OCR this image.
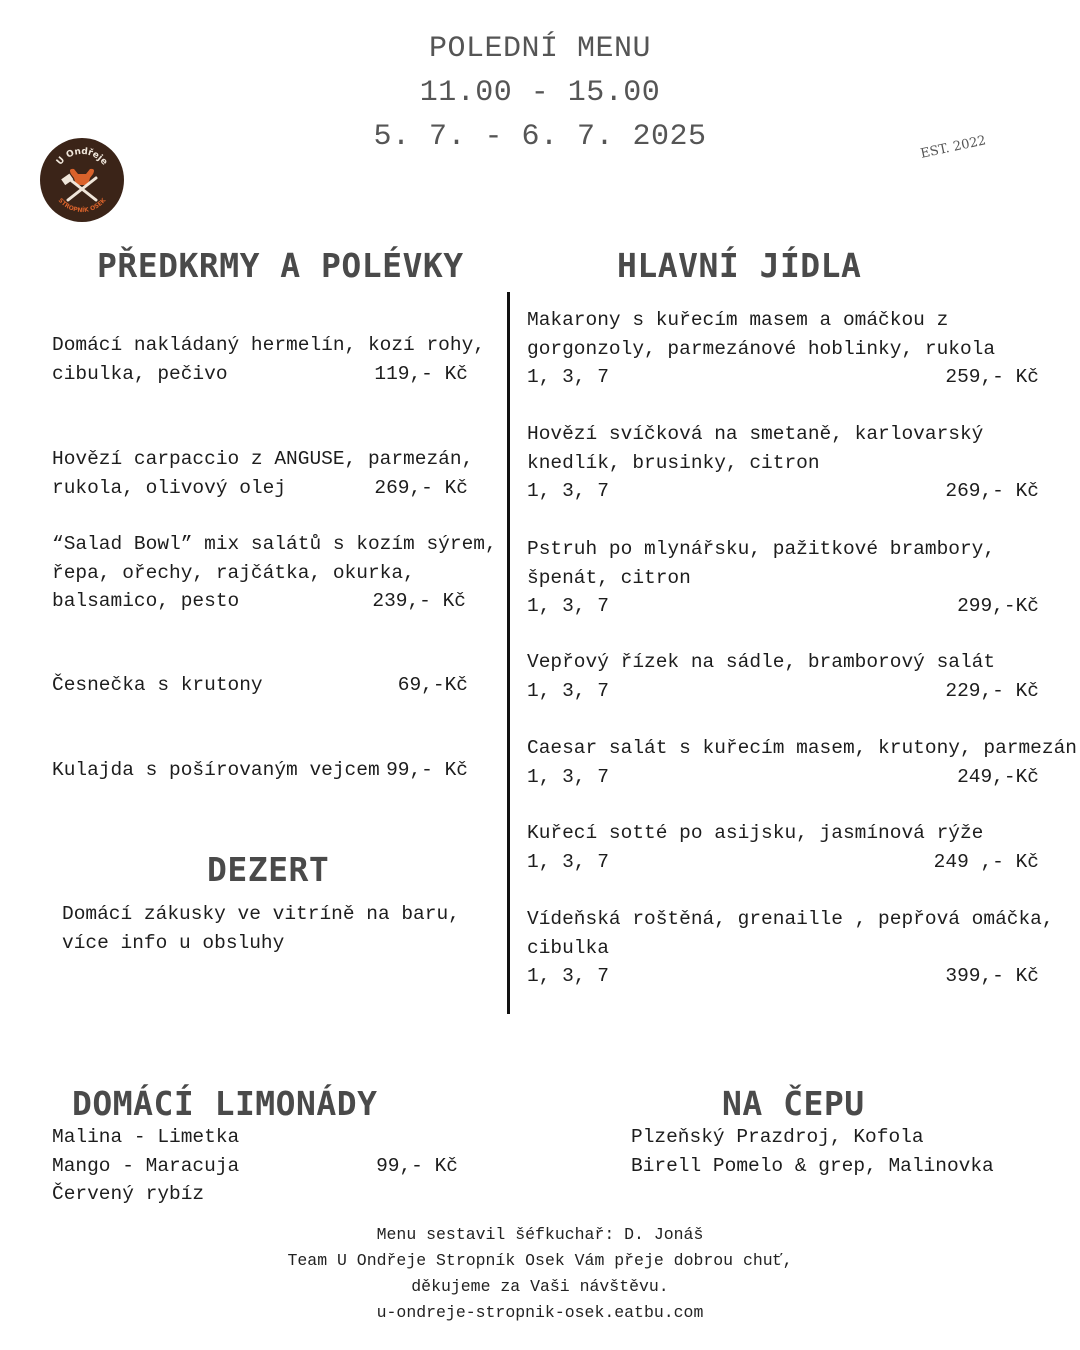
POLEDNÍ MENU
11.00 - 15.00
5. 7. - 6. 7. 2025
U Ondřeje
STROPNÍK OSEK
EST. 2022
PŘEDKRMY A POLÉVKY
Domácí nakládaný hermelín, kozí rohy,
cibulka, pečivo	119,- Kč
Hovězí carpaccio z ANGUSE, parmezán,
rukola, olivový olej	269,- Kč
“Salad Bowl” mix salátů s kozím sýrem,
řepa, ořechy, rajčátka, okurka,
balsamico, pesto	239,- Kč
Česnečka s krutony	69,-Kč
Kulajda s pošírovaným vejcem 99,- Kč
DEZERT
Domácí zákusky ve vitríně na baru,
více info u obsluhy
HLAVNÍ JÍDLA
Makarony s kuřecím masem a omáčkou z
gorgonzoly, parmezánové hoblinky, rukola
1, 3, 7	259,- Kč
Hovězí svíčková na smetaně, karlovarský
knedlík, brusinky, citron
1, 3, 7	269,- Kč
Pstruh po mlynářsku, pažitkové brambory,
špenát, citron
1, 3, 7	299,-Kč
Vepřový řízek na sádle, bramborový salát
1, 3, 7	229,- Kč
Caesar salát s kuřecím masem, krutony, parmezán
1, 3, 7	249,-Kč
Kuřecí sotté po asijsku, jasmínová rýže
1, 3, 7	249 ,- Kč
Vídeňská roštěná, grenaille , pepřová omáčka,
cibulka
1, 3, 7	399,- Kč
DOMÁCÍ LIMONÁDY
Malina - Limetka
Mango - Maracuja	99,- Kč
Červený rybíz
NA ČEPU
Plzeňský Prazdroj, Kofola
Birell Pomelo & grep, Malinovka
Menu sestavil šéfkuchař: D. Jonáš
Team U Ondřeje Stropník Osek Vám přeje dobrou chuť,
děkujeme za Vaši návštěvu.
u-ondreje-stropnik-osek.eatbu.com
